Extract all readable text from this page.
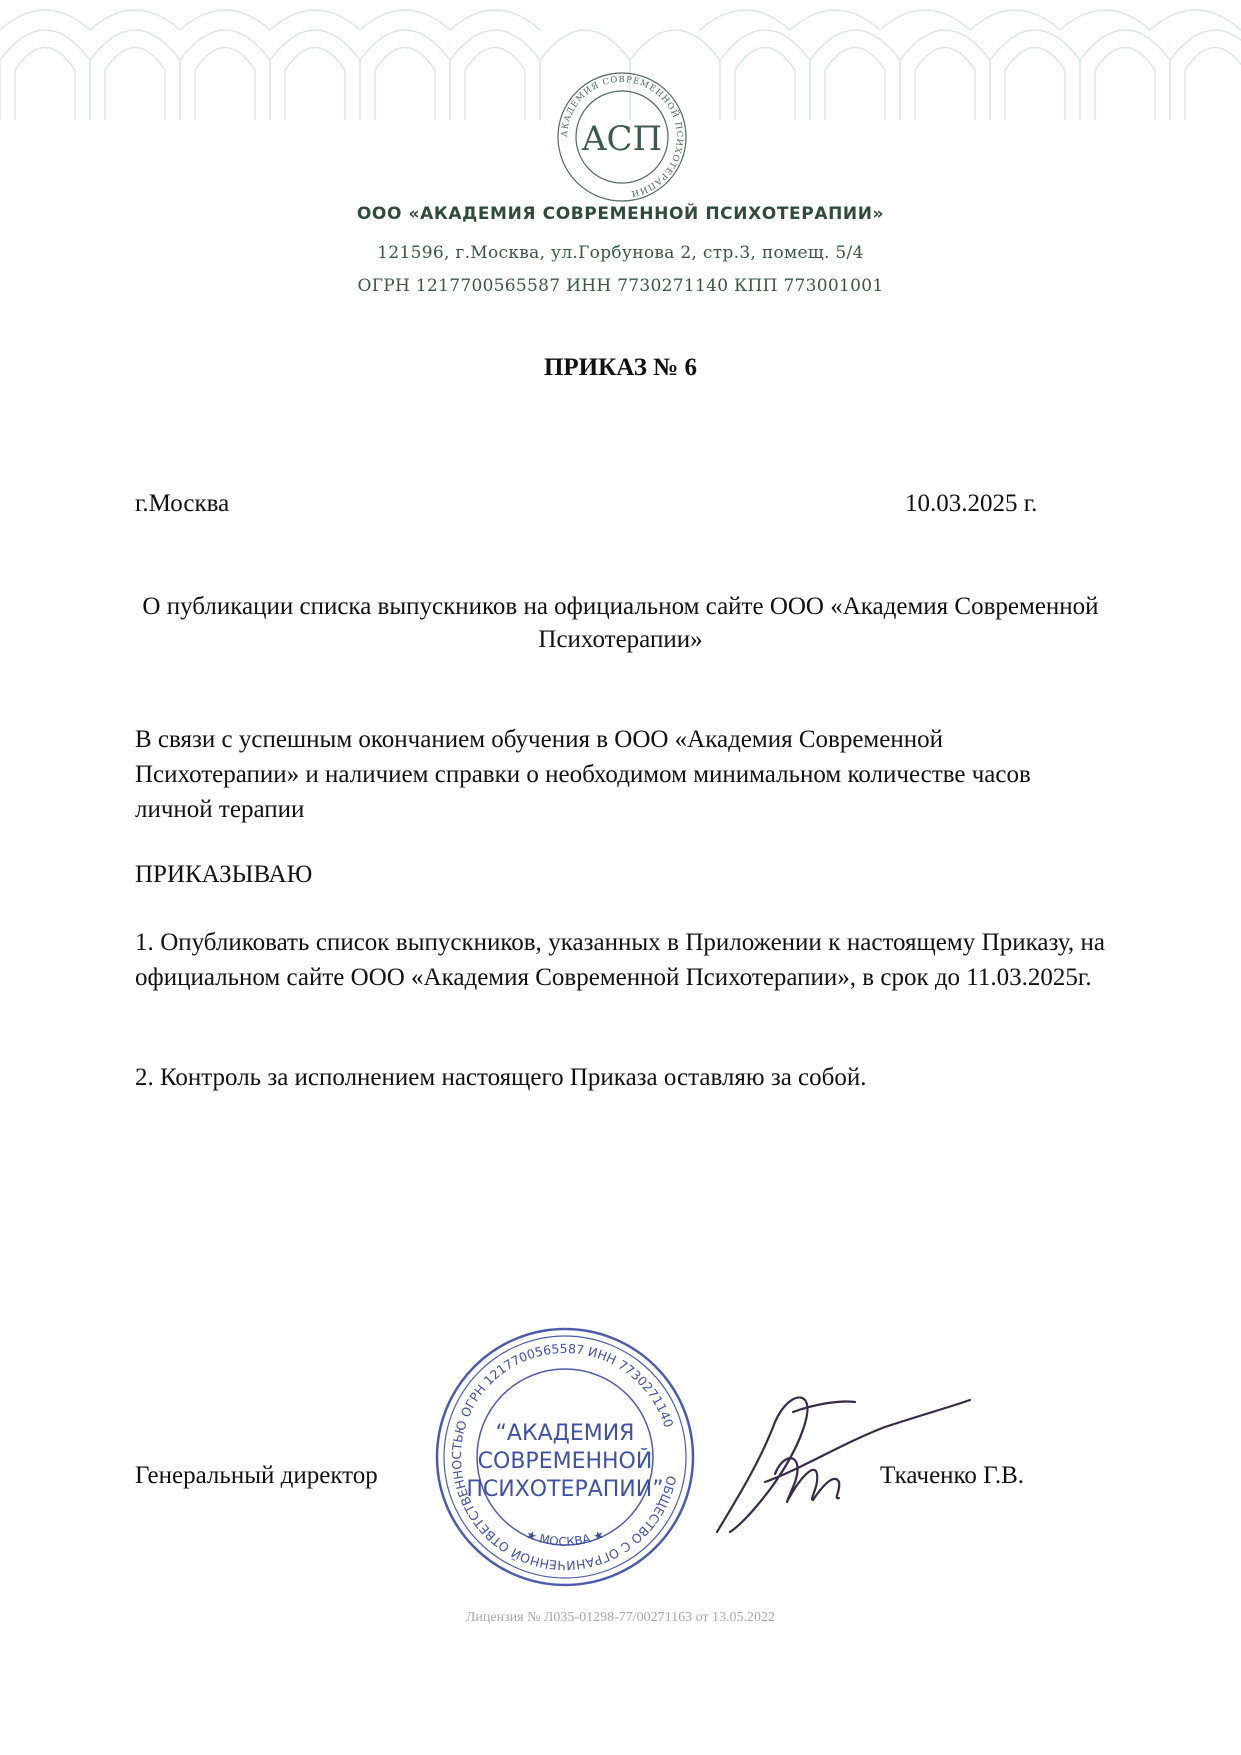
АКАДЕМИЯ СОВРЕМЕННОЙ ПСИХОТЕРАПИИ
ACΠ
ООО «АКАДЕМИЯ СОВРЕМЕННОЙ ПСИХОТЕРАПИИ»
121596, г.Москва, ул.Горбунова 2, стр.3, помещ. 5/4
ОГРН 1217700565587 ИНН 7730271140 КПП 773001001
ПРИКАЗ № 6
г.Москва	10.03.2025 г.
О публикации списка выпускников на официальном сайте ООО «Академия Современной Психотерапии»
В связи с успешным окончанием обучения в ООО «Академия Современной Психотерапии» и наличием справки о необходимом минимальном количестве часов личной терапии
ПРИКАЗЫВАЮ
1. Опубликовать список выпускников, указанных в Приложении к настоящему Приказу, на официальном сайте ООО «Академия Современной Психотерапии», в срок до 11.03.2025г.
2. Контроль за исполнением настоящего Приказа оставляю за собой.
Генеральный директор	Ткаченко Г.В.
ОБЩЕСТВО С ОГРАНИЧЕННОЙ ОТВЕТСТВЕННОСТЬЮ ОГРН 1217700565587 ИНН 7730271140
★ МОСКВА ★
“АКАДЕМИЯ
СОВРЕМЕННОЙ
ПСИХОТЕРАПИИ”
Лицензия № Л035-01298-77/00271163 от 13.05.2022
